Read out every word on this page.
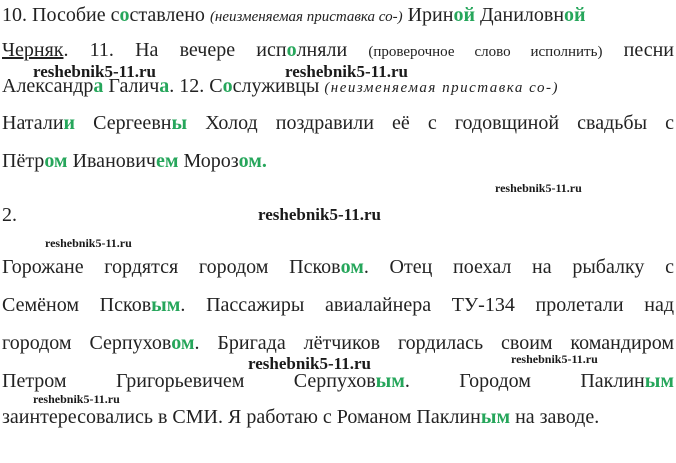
10. Пособие составлено (неизменяемая приставка со-) Ириной Даниловной
Черняк. 11. На вечере исполняли (проверочное слово исполнить) песни
Александра Галича. 12. Сослуживцы (неизменяемая приставка со-)
Наталии Сергеевны Холод поздравили её с годовщиной свадьбы с
Пётром Ивановичем Морозом.
2.
Горожане гордятся городом Псковом. Отец поехал на рыбалку с
Семёном Псковым. Пассажиры авиалайнера ТУ-134 пролетали над
городом Серпуховом. Бригада лётчиков гордилась своим командиром
Петром Григорьевичем Серпуховым. Городом Паклиным
заинтересовались в СМИ. Я работаю с Романом Паклиным на заводе.
reshebnik5-11.ru	reshebnik5-11.ru
reshebnik5-11.ru
reshebnik5-11.ru
reshebnik5-11.ru
reshebnik5-11.ru	reshebnik5-11.ru
reshebnik5-11.ru
